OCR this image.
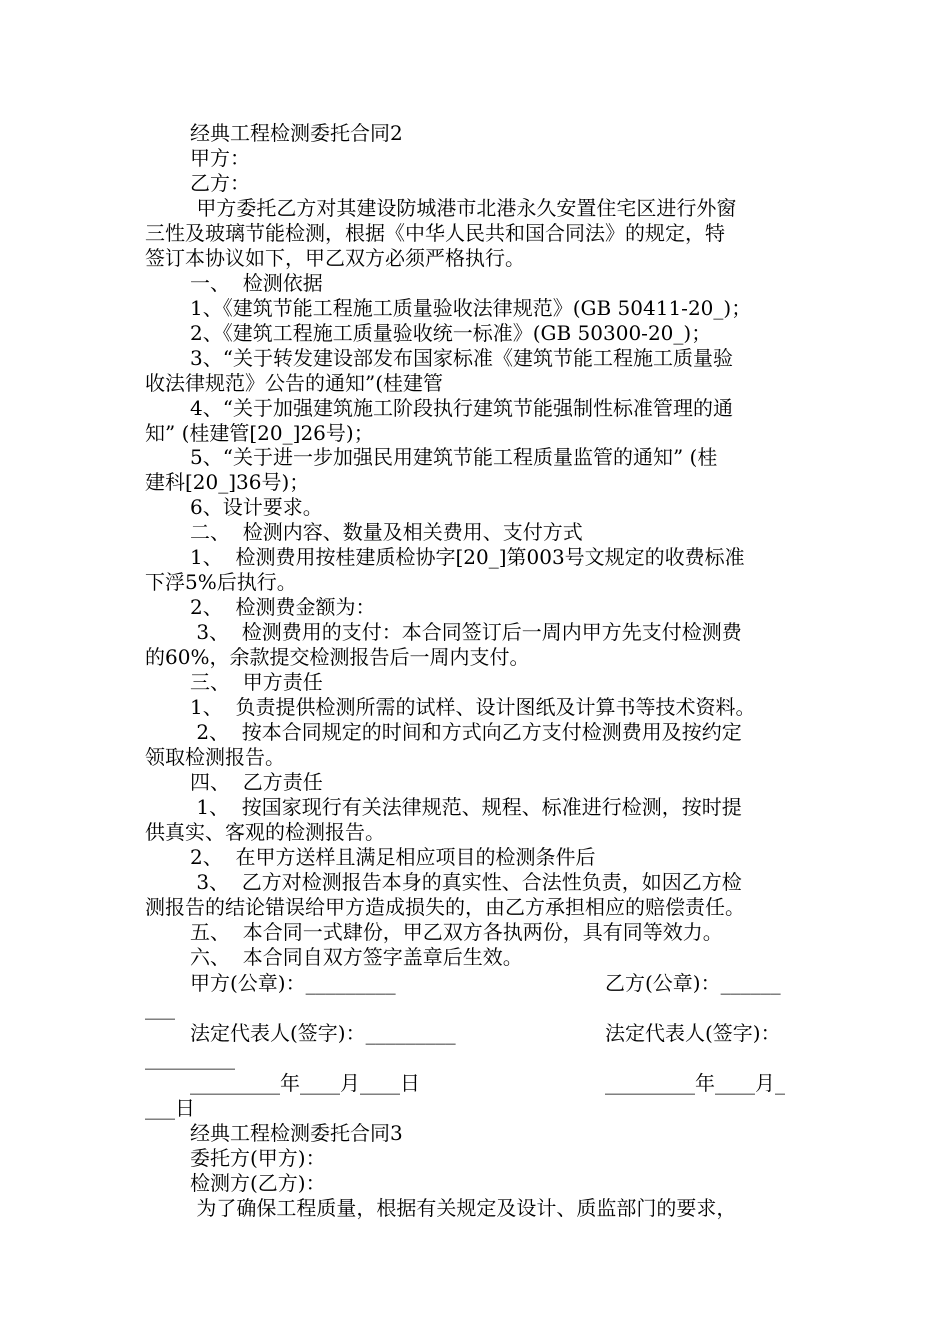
经典工程检测委托合同2
甲方：
乙方：
甲方委托乙方对其建设防城港市北港永久安置住宅区进行外窗
三性及玻璃节能检测，根据《中华人民共和国合同法》的规定，特
签订本协议如下，甲乙双方必须严格执行。
一、  检测依据
1、《建筑节能工程施工质量验收法律规范》(GB 50411-20_)；
2、《建筑工程施工质量验收统一标准》(GB 50300-20_)；
3、“关于转发建设部发布国家标准《建筑节能工程施工质量验
收法律规范》公告的通知”(桂建管
4、“关于加强建筑施工阶段执行建筑节能强制性标准管理的通
知” (桂建管[20_]26号)；
5、“关于进一步加强民用建筑节能工程质量监管的通知” (桂
建科[20_]36号)；
6、设计要求。
二、  检测内容、数量及相关费用、支付方式
1、  检测费用按桂建质检协字[20_]第003号文规定的收费标准
下浮5%后执行。
2、  检测费金额为：
3、  检测费用的支付：本合同签订后一周内甲方先支付检测费
的60%，余款提交检测报告后一周内支付。
三、  甲方责任
1、  负责提供检测所需的试样、设计图纸及计算书等技术资料。
2、  按本合同规定的时间和方式向乙方支付检测费用及按约定
领取检测报告。
四、  乙方责任
1、  按国家现行有关法律规范、规程、标准进行检测，按时提
供真实、客观的检测报告。
2、  在甲方送样且满足相应项目的检测条件后
3、  乙方对检测报告本身的真实性、合法性负责，如因乙方检
测报告的结论错误给甲方造成损失的，由乙方承担相应的赔偿责任。
五、  本合同一式肆份，甲乙双方各执两份，具有同等效力。
六、  本合同自双方签字盖章后生效。
甲方(公章)：_________	乙方(公章)：______
___
法定代表人(签字)：_________	法定代表人(签字)：
_________
_________年____月____日	_________年____月_
___日
经典工程检测委托合同3
委托方(甲方)：
检测方(乙方)：
为了确保工程质量，根据有关规定及设计、质监部门的要求，
